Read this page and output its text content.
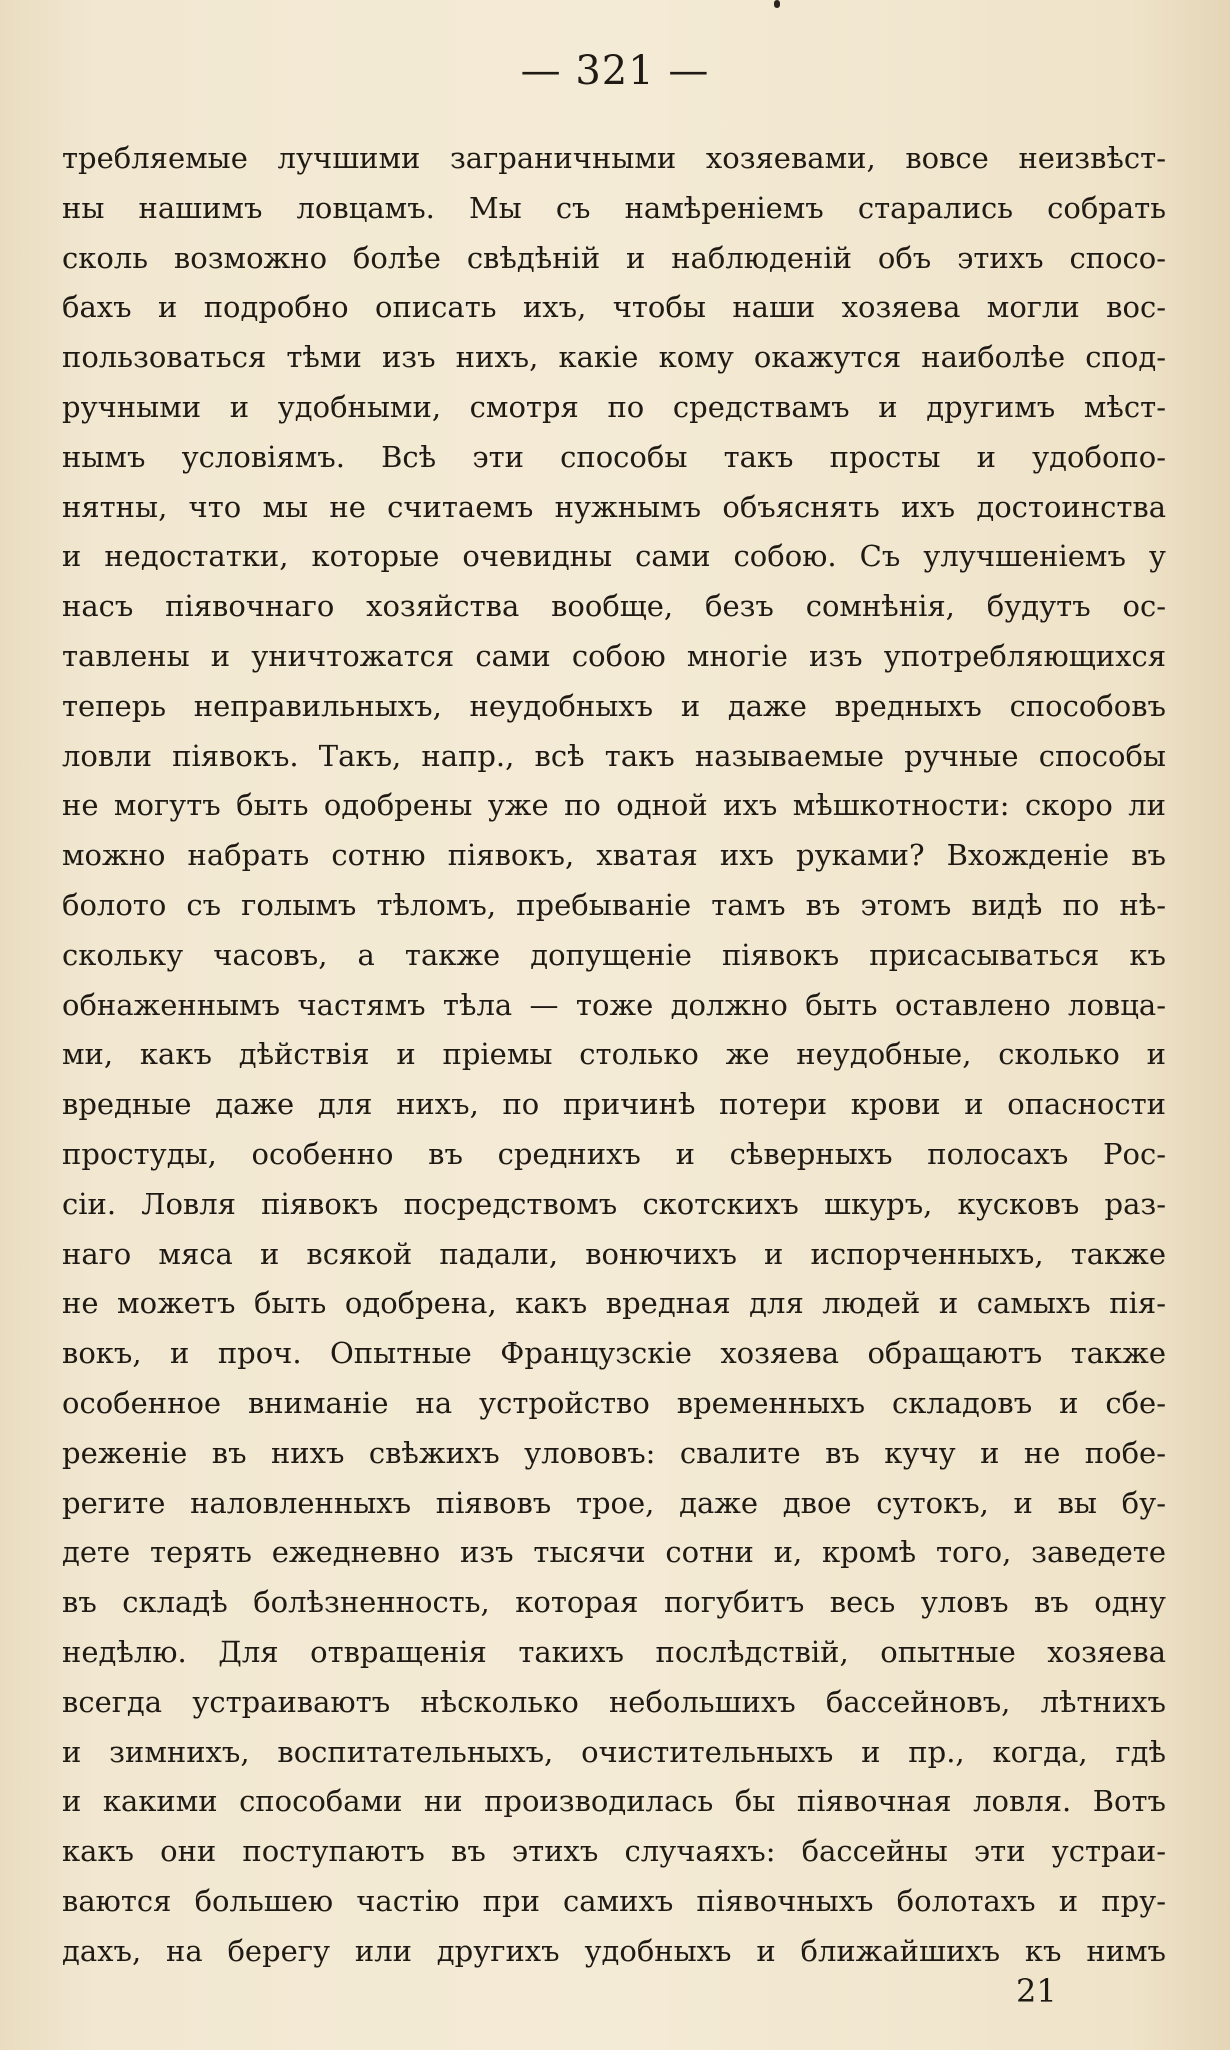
— 321 —
требляемые лучшими заграничными хозяевами, вовсе неизвѣст-
ны нашимъ ловцамъ. Мы съ намѣреніемъ старались собрать
сколь возможно болѣе свѣдѣній и наблюденій объ этихъ спосо-
бахъ и подробно описать ихъ, чтобы наши хозяева могли вос-
пользоваться тѣми изъ нихъ, какіе кому окажутся наиболѣе спод-
ручными и удобными, смотря по средствамъ и другимъ мѣст-
нымъ условіямъ. Всѣ эти способы такъ просты и удобопо-
нятны, что мы не считаемъ нужнымъ объяснять ихъ достоинства
и недостатки, которые очевидны сами собою. Съ улучшеніемъ у
насъ піявочнаго хозяйства вообще, безъ сомнѣнія, будутъ ос-
тавлены и уничтожатся сами собою многіе изъ употребляющихся
теперь неправильныхъ, неудобныхъ и даже вредныхъ способовъ
ловли піявокъ. Такъ, напр., всѣ такъ называемые ручные способы
не могутъ быть одобрены уже по одной ихъ мѣшкотности: скоро ли
можно набрать сотню піявокъ, хватая ихъ руками? Вхожденіе въ
болото съ голымъ тѣломъ, пребываніе тамъ въ этомъ видѣ по нѣ-
скольку часовъ, а также допущеніе піявокъ присасываться къ
обнаженнымъ частямъ тѣла — тоже должно быть оставлено ловца-
ми, какъ дѣйствія и пріемы столько же неудобные, сколько и
вредные даже для нихъ, по причинѣ потери крови и опасности
простуды, особенно въ среднихъ и сѣверныхъ полосахъ Рос-
сіи. Ловля піявокъ посредствомъ скотскихъ шкуръ, кусковъ раз-
наго мяса и всякой падали, вонючихъ и испорченныхъ, также
не можетъ быть одобрена, какъ вредная для людей и самыхъ пія-
вокъ, и проч. Опытные Французскіе хозяева обращаютъ также
особенное вниманіе на устройство временныхъ складовъ и сбе-
реженіе въ нихъ свѣжихъ улововъ: свалите въ кучу и не побе-
регите наловленныхъ піявовъ трое, даже двое сутокъ, и вы бу-
дете терять ежедневно изъ тысячи сотни и, кромѣ того, заведете
въ складѣ болѣзненность, которая погубитъ весь уловъ въ одну
недѣлю. Для отвращенія такихъ послѣдствій, опытные хозяева
всегда устраиваютъ нѣсколько небольшихъ бассейновъ, лѣтнихъ
и зимнихъ, воспитательныхъ, очистительныхъ и пр., когда, гдѣ
и какими способами ни производилась бы піявочная ловля. Вотъ
какъ они поступаютъ въ этихъ случаяхъ: бассейны эти устраи-
ваются большею частію при самихъ піявочныхъ болотахъ и пру-
дахъ, на берегу или другихъ удобныхъ и ближайшихъ къ нимъ
21
